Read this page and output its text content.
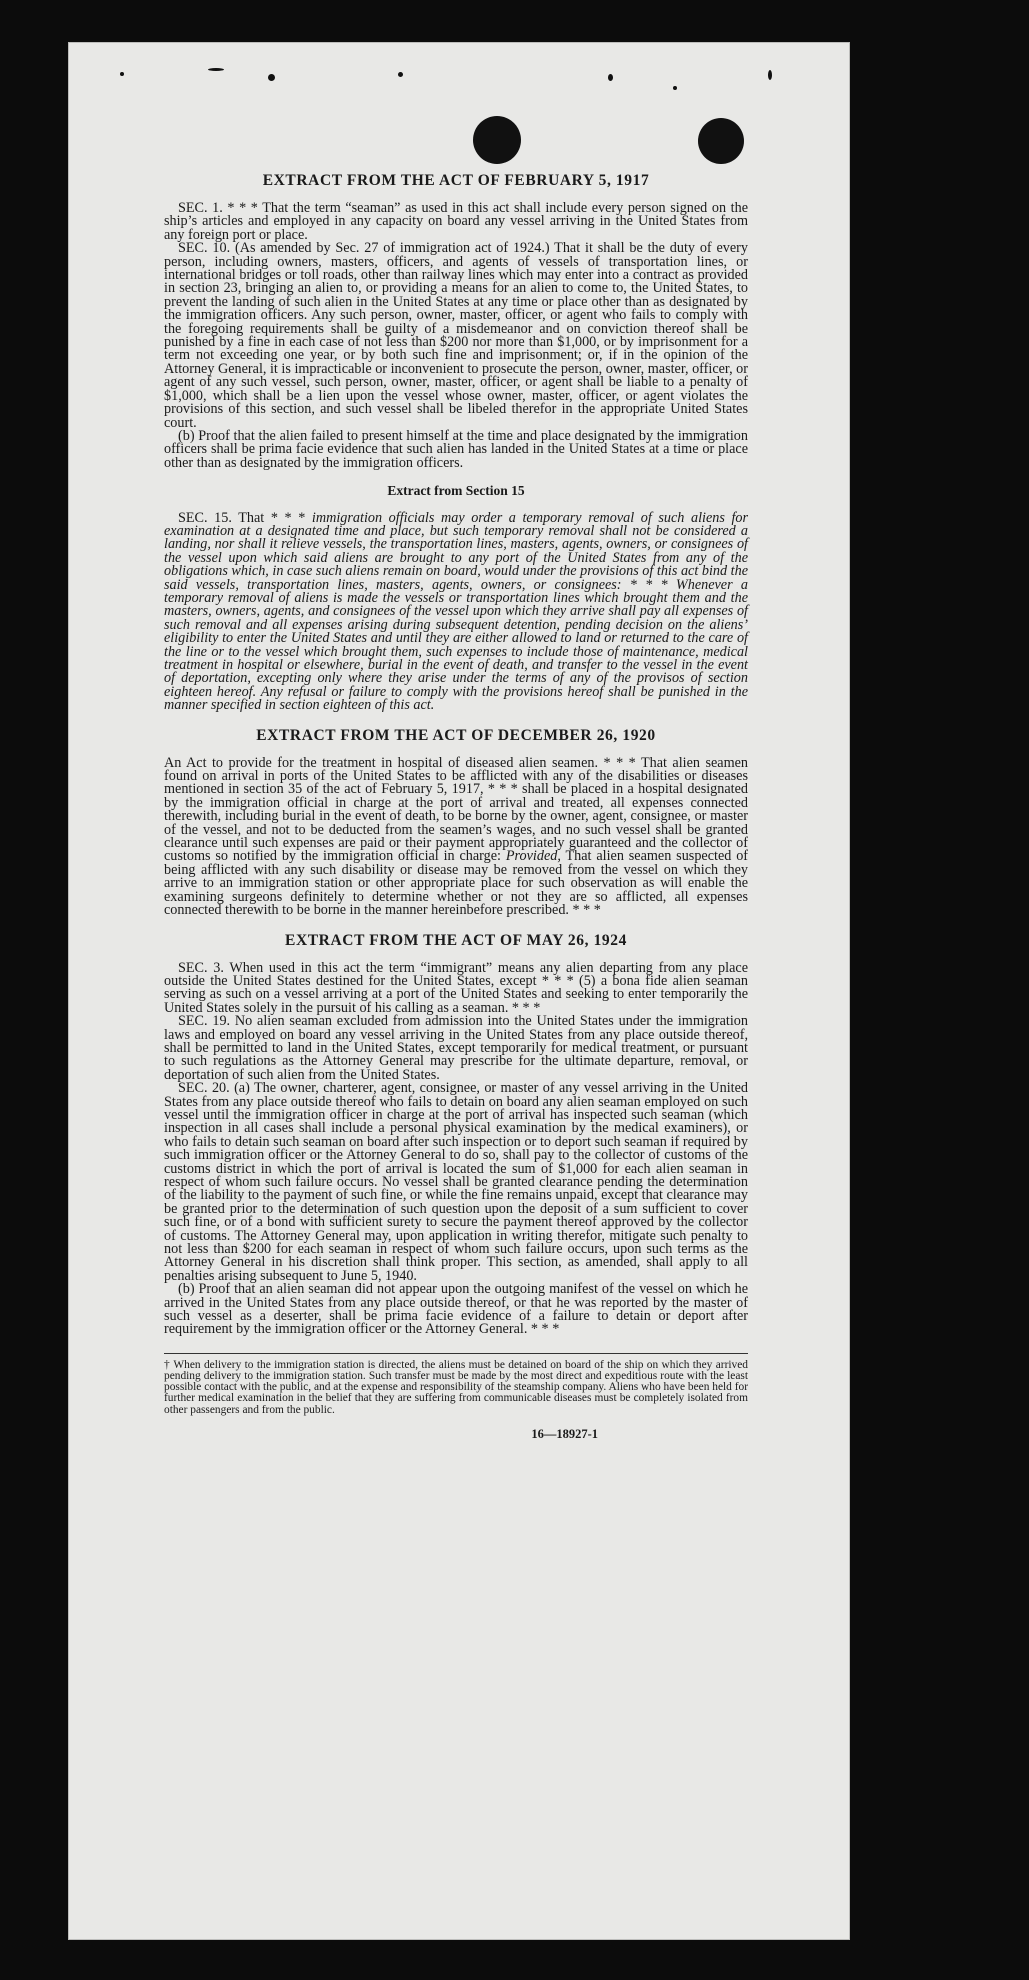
EXTRACT FROM THE ACT OF FEBRUARY 5, 1917

SEC. 1. * * * That the term “seaman” as used in this act shall include every person signed on the ship’s articles and employed in any capacity on board any vessel arriving in the United States from any foreign port or place.

SEC. 10. (As amended by Sec. 27 of immigration act of 1924.) That it shall be the duty of every person, including owners, masters, officers, and agents of vessels of transportation lines, or international bridges or toll roads, other than railway lines which may enter into a contract as provided in section 23, bringing an alien to, or providing a means for an alien to come to, the United States, to prevent the landing of such alien in the United States at any time or place other than as designated by the immigration officers. Any such person, owner, master, officer, or agent who fails to comply with the foregoing requirements shall be guilty of a misdemeanor and on conviction thereof shall be punished by a fine in each case of not less than $200 nor more than $1,000, or by imprisonment for a term not exceeding one year, or by both such fine and imprisonment; or, if in the opinion of the Attorney General, it is impracticable or inconvenient to prosecute the person, owner, master, officer, or agent of any such vessel, such person, owner, master, officer, or agent shall be liable to a penalty of $1,000, which shall be a lien upon the vessel whose owner, master, officer, or agent violates the provisions of this section, and such vessel shall be libeled therefor in the appropriate United States court.

(b) Proof that the alien failed to present himself at the time and place designated by the immigration officers shall be prima facie evidence that such alien has landed in the United States at a time or place other than as designated by the immigration officers.

Extract from Section 15

SEC. 15. That * * * immigration officials may order a temporary removal of such aliens for examination at a designated time and place, but such temporary removal shall not be considered a landing, nor shall it relieve vessels, the transportation lines, masters, agents, owners, or consignees of the vessel upon which said aliens are brought to any port of the United States from any of the obligations which, in case such aliens remain on board, would under the provisions of this act bind the said vessels, transportation lines, masters, agents, owners, or consignees: * * * Whenever a temporary removal of aliens is made the vessels or transportation lines which brought them and the masters, owners, agents, and consignees of the vessel upon which they arrive shall pay all expenses of such removal and all expenses arising during subsequent detention, pending decision on the aliens’ eligibility to enter the United States and until they are either allowed to land or returned to the care of the line or to the vessel which brought them, such expenses to include those of maintenance, medical treatment in hospital or elsewhere, burial in the event of death, and transfer to the vessel in the event of deportation, excepting only where they arise under the terms of any of the provisos of section eighteen hereof. Any refusal or failure to comply with the provisions hereof shall be punished in the manner specified in section eighteen of this act.

EXTRACT FROM THE ACT OF DECEMBER 26, 1920

An Act to provide for the treatment in hospital of diseased alien seamen. * * * That alien seamen found on arrival in ports of the United States to be afflicted with any of the disabilities or diseases mentioned in section 35 of the act of February 5, 1917, * * * shall be placed in a hospital designated by the immigration official in charge at the port of arrival and treated, all expenses connected therewith, including burial in the event of death, to be borne by the owner, agent, consignee, or master of the vessel, and not to be deducted from the seamen’s wages, and no such vessel shall be granted clearance until such expenses are paid or their payment appropriately guaranteed and the collector of customs so notified by the immigration official in charge: Provided, That alien seamen suspected of being afflicted with any such disability or disease may be removed from the vessel on which they arrive to an immigration station or other appropriate place for such observation as will enable the examining surgeons definitely to determine whether or not they are so afflicted, all expenses connected therewith to be borne in the manner hereinbefore prescribed. * * *

EXTRACT FROM THE ACT OF MAY 26, 1924

SEC. 3. When used in this act the term “immigrant” means any alien departing from any place outside the United States destined for the United States, except * * * (5) a bona fide alien seaman serving as such on a vessel arriving at a port of the United States and seeking to enter temporarily the United States solely in the pursuit of his calling as a seaman. * * *

SEC. 19. No alien seaman excluded from admission into the United States under the immigration laws and employed on board any vessel arriving in the United States from any place outside thereof, shall be permitted to land in the United States, except temporarily for medical treatment, or pursuant to such regulations as the Attorney General may prescribe for the ultimate departure, removal, or deportation of such alien from the United States.

SEC. 20. (a) The owner, charterer, agent, consignee, or master of any vessel arriving in the United States from any place outside thereof who fails to detain on board any alien seaman employed on such vessel until the immigration officer in charge at the port of arrival has inspected such seaman (which inspection in all cases shall include a personal physical examination by the medical examiners), or who fails to detain such seaman on board after such inspection or to deport such seaman if required by such immigration officer or the Attorney General to do so, shall pay to the collector of customs of the customs district in which the port of arrival is located the sum of $1,000 for each alien seaman in respect of whom such failure occurs. No vessel shall be granted clearance pending the determination of the liability to the payment of such fine, or while the fine remains unpaid, except that clearance may be granted prior to the determination of such question upon the deposit of a sum sufficient to cover such fine, or of a bond with sufficient surety to secure the payment thereof approved by the collector of customs. The Attorney General may, upon application in writing therefor, mitigate such penalty to not less than $200 for each seaman in respect of whom such failure occurs, upon such terms as the Attorney General in his discretion shall think proper. This section, as amended, shall apply to all penalties arising subsequent to June 5, 1940.

(b) Proof that an alien seaman did not appear upon the outgoing manifest of the vessel on which he arrived in the United States from any place outside thereof, or that he was reported by the master of such vessel as a deserter, shall be prima facie evidence of a failure to detain or deport after requirement by the immigration officer or the Attorney General. * * *

† When delivery to the immigration station is directed, the aliens must be detained on board of the ship on which they arrived pending delivery to the immigration station. Such transfer must be made by the most direct and expeditious route with the least possible contact with the public, and at the expense and responsibility of the steamship company. Aliens who have been held for further medical examination in the belief that they are suffering from communicable diseases must be completely isolated from other passengers and from the public.
16—18927-1
